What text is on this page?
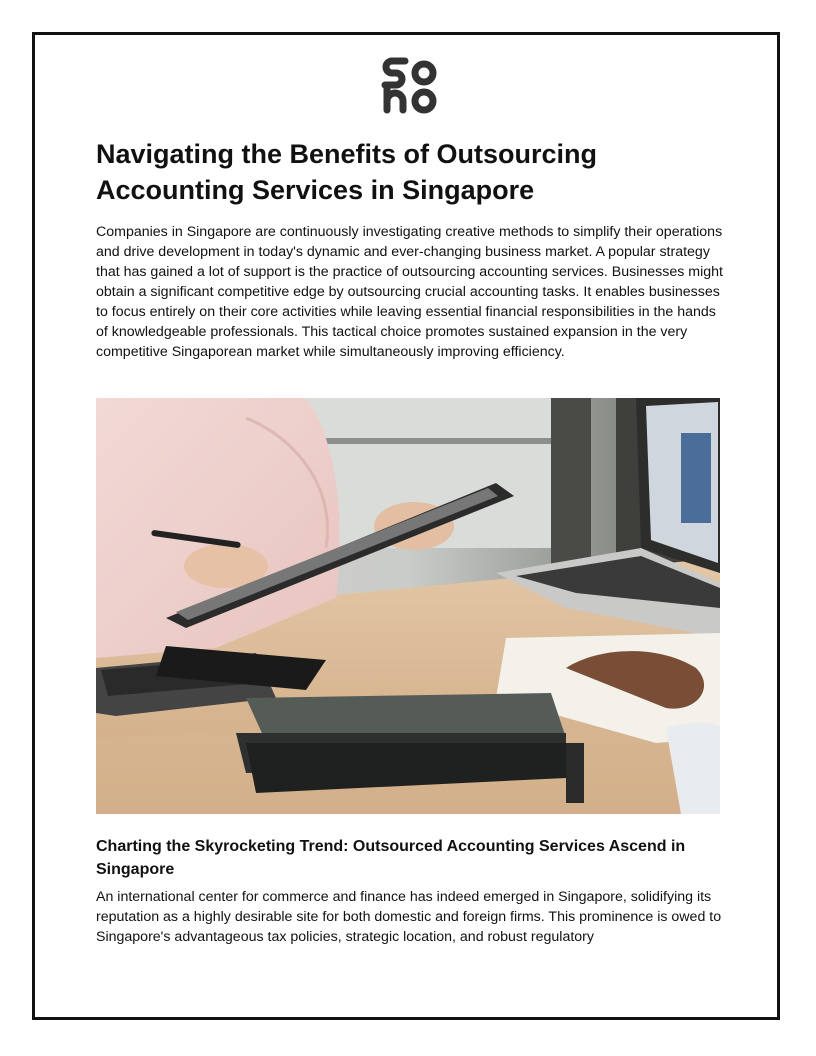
Navigating the Benefits of Outsourcing Accounting Services in Singapore

Companies in Singapore are continuously investigating creative methods to simplify their operations and drive development in today's dynamic and ever-changing business market. A popular strategy that has gained a lot of support is the practice of outsourcing accounting services. Businesses might obtain a significant competitive edge by outsourcing crucial accounting tasks. It enables businesses to focus entirely on their core activities while leaving essential financial responsibilities in the hands of knowledgeable professionals. This tactical choice promotes sustained expansion in the very competitive Singaporean market while simultaneously improving efficiency.

Charting the Skyrocketing Trend: Outsourced Accounting Services Ascend in Singapore

An international center for commerce and finance has indeed emerged in Singapore, solidifying its reputation as a highly desirable site for both domestic and foreign firms. This prominence is owed to Singapore's advantageous tax policies, strategic location, and robust regulatory
